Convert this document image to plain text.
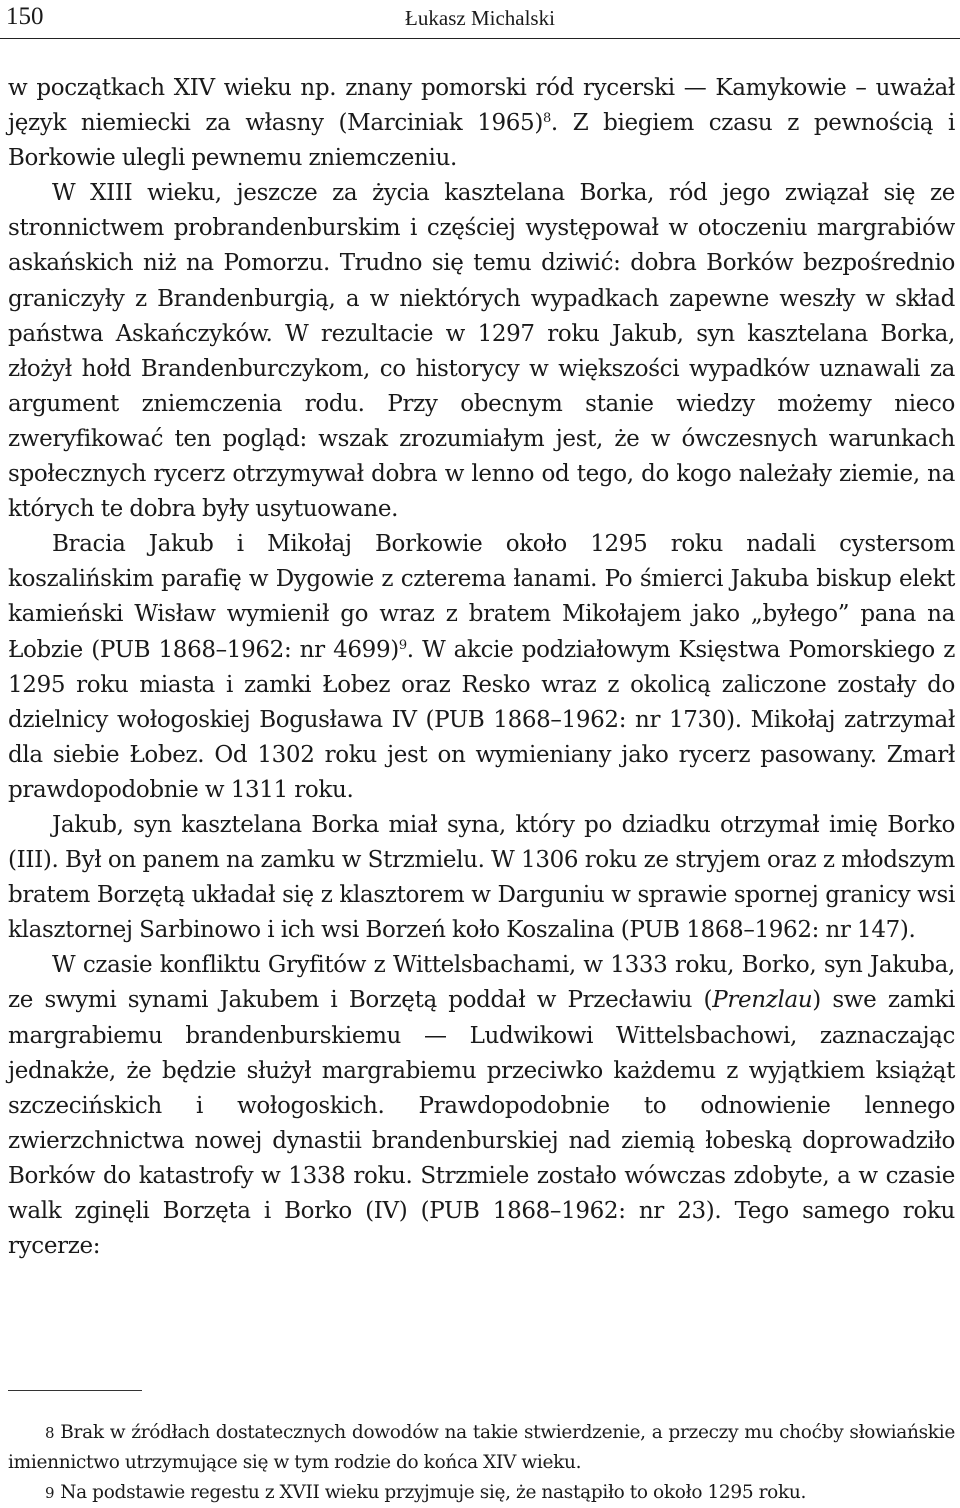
150	Łukasz Michalski

w początkach XIV wieku np. znany pomorski ród rycerski — Kamykowie – uważał język niemiecki za własny (Marciniak 1965)$^8$. Z biegiem czasu z pewnością i Borkowie ulegli pewnemu zniemczeniu.

W XIII wieku, jeszcze za życia kasztelana Borka, ród jego związał się ze stronnictwem probrandenburskim i częściej występował w otoczeniu margrabiów askańskich niż na Pomorzu. Trudno się temu dziwić: dobra Borków bezpośrednio graniczyły z Brandenburgią, a w niektórych wypadkach zapewne weszły w skład państwa Askańczyków. W rezultacie w 1297 roku Jakub, syn kasztelana Borka, złożył hołd Brandenburczykom, co historycy w większości wypadków uznawali za argument zniemczenia rodu. Przy obecnym stanie wiedzy możemy nieco zweryfikować ten pogląd: wszak zrozumiałym jest, że w ówczesnych warunkach społecznych rycerz otrzymywał dobra w lenno od tego, do kogo należały ziemie, na których te dobra były usytuowane.

Bracia Jakub i Mikołaj Borkowie około 1295 roku nadali cystersom koszalińskim parafię w Dygowie z czterema łanami. Po śmierci Jakuba biskup elekt kamieński Wisław wymienił go wraz z bratem Mikołajem jako „byłego” pana na Łobzie (PUB 1868–1962: nr 4699)$^9$. W akcie podziałowym Księstwa Pomorskiego z 1295 roku miasta i zamki Łobez oraz Resko wraz z okolicą zaliczone zostały do dzielnicy wołogoskiej Bogusława IV (PUB 1868–1962: nr 1730). Mikołaj zatrzymał dla siebie Łobez. Od 1302 roku jest on wymieniany jako rycerz pasowany. Zmarł prawdopodobnie w 1311 roku.

Jakub, syn kasztelana Borka miał syna, który po dziadku otrzymał imię Borko (III). Był on panem na zamku w Strzmielu. W 1306 roku ze stryjem oraz z młodszym bratem Borzętą układał się z klasztorem w Darguniu w sprawie spornej granicy wsi klasztornej Sarbinowo i ich wsi Borzeń koło Koszalina (PUB 1868–1962: nr 147).

W czasie konfliktu Gryfitów z Wittelsbachami, w 1333 roku, Borko, syn Jakuba, ze swymi synami Jakubem i Borzętą poddał w Przecławiu (Prenzlau) swe zamki margrabiemu brandenburskiemu — Ludwikowi Wittelsbachowi, zaznaczając jednakże, że będzie służył margrabiemu przeciwko każdemu z wyjątkiem książąt szczecińskich i wołogoskich. Prawdopodobnie to odnowienie lennego zwierzchnictwa nowej dynastii brandenburskiej nad ziemią łobeską doprowadziło Borków do katastrofy w 1338 roku. Strzmiele zostało wówczas zdobyte, a w czasie walk zginęli Borzęta i Borko (IV) (PUB 1868–1962: nr 23). Tego samego roku rycerze:

8 Brak w źródłach dostatecznych dowodów na takie stwierdzenie, a przeczy mu choćby słowiańskie imiennictwo utrzymujące się w tym rodzie do końca XIV wieku.

9 Na podstawie regestu z XVII wieku przyjmuje się, że nastąpiło to około 1295 roku.
